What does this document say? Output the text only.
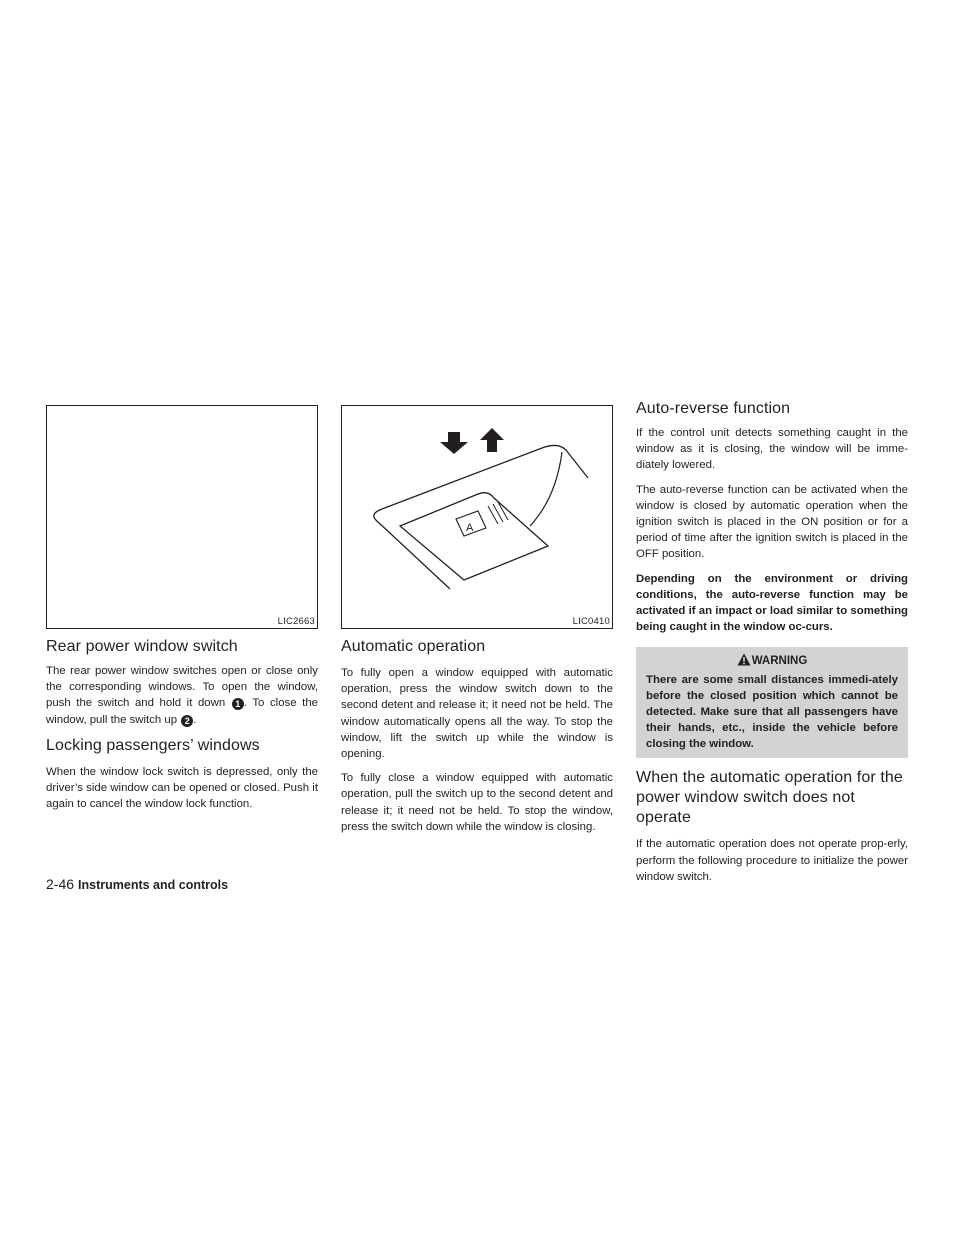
LIC2663
Rear power window switch

The rear power window switches open or close only the corresponding windows. To open the window, push the switch and hold it down 1 . To close the window, pull the switch up 2 .

Locking passengers’ windows

When the window lock switch is depressed, only the driver’s side window can be opened or closed. Push it again to cancel the window lock function.

A
LIC0410
Automatic operation

To fully open a window equipped with automatic operation, press the window switch down to the second detent and release it; it need not be held. The window automatically opens all the way. To stop the window, lift the switch up while the window is opening.

To fully close a window equipped with automatic operation, pull the switch up to the second detent and release it; it need not be held. To stop the window, press the switch down while the window is closing.

Auto-reverse function

If the control unit detects something caught in the window as it is closing, the window will be imme-diately lowered.

The auto-reverse function can be activated when the window is closed by automatic operation when the ignition switch is placed in the ON position or for a period of time after the ignition switch is placed in the OFF position.

Depending on the environment or driving conditions, the auto-reverse function may be activated if an impact or load similar to something being caught in the window oc-curs.

WARNING

There are some small distances immedi-ately before the closed position which cannot be detected. Make sure that all passengers have their hands, etc., inside the vehicle before closing the window.

When the automatic operation for the power window switch does not operate

If the automatic operation does not operate prop-erly, perform the following procedure to initialize the power window switch.

2-46 Instruments and controls
